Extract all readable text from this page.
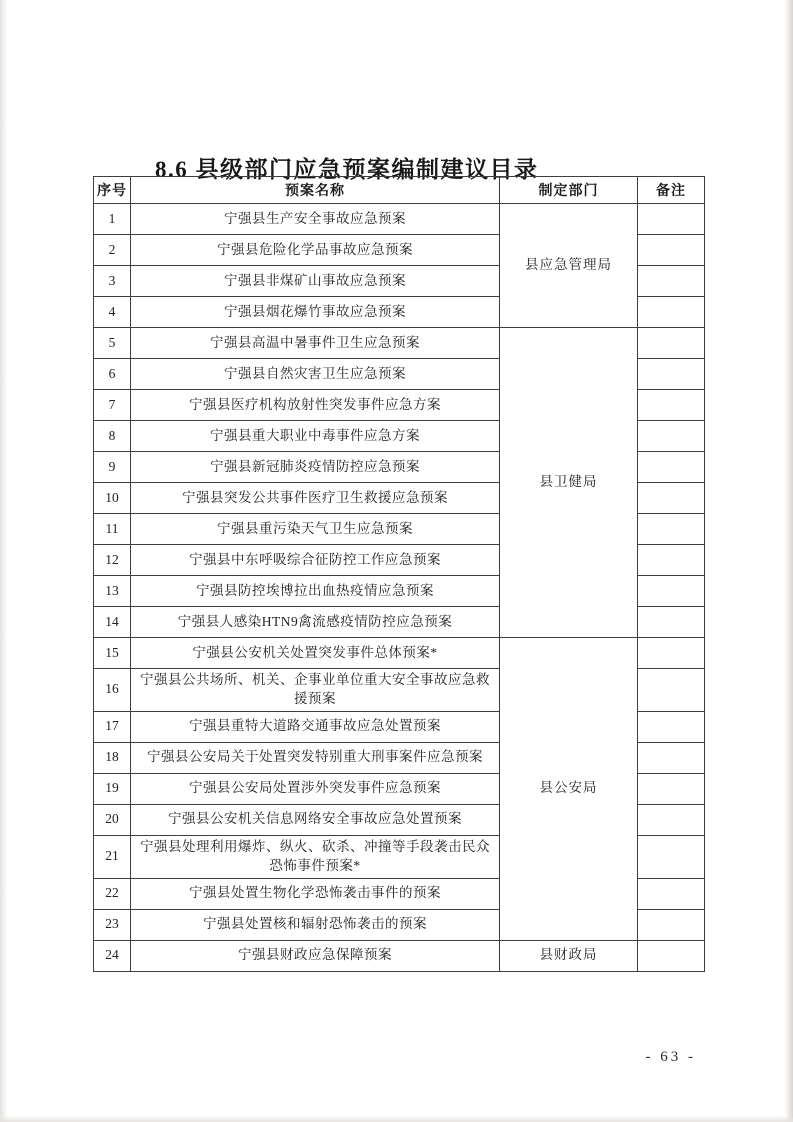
8.6 县级部门应急预案编制建议目录
序号	预案名称	制定部门	备注
1	宁强县生产安全事故应急预案	县应急管理局	
2	宁强县危险化学品事故应急预案		
3	宁强县非煤矿山事故应急预案		
4	宁强县烟花爆竹事故应急预案		
5	宁强县高温中暑事件卫生应急预案	县卫健局	
6	宁强县自然灾害卫生应急预案		
7	宁强县医疗机构放射性突发事件应急方案		
8	宁强县重大职业中毒事件应急方案		
9	宁强县新冠肺炎疫情防控应急预案		
10	宁强县突发公共事件医疗卫生救援应急预案		
11	宁强县重污染天气卫生应急预案		
12	宁强县中东呼吸综合征防控工作应急预案		
13	宁强县防控埃博拉出血热疫情应急预案		
14	宁强县人感染HTN9禽流感疫情防控应急预案		
15	宁强县公安机关处置突发事件总体预案*	县公安局	
16	宁强县公共场所、机关、企事业单位重大安全事故应急救援预案		
17	宁强县重特大道路交通事故应急处置预案		
18	宁强县公安局关于处置突发特别重大刑事案件应急预案		
19	宁强县公安局处置涉外突发事件应急预案		
20	宁强县公安机关信息网络安全事故应急处置预案		
21	宁强县处理利用爆炸、纵火、砍杀、冲撞等手段袭击民众恐怖事件预案*		
22	宁强县处置生物化学恐怖袭击事件的预案		
23	宁强县处置核和辐射恐怖袭击的预案		
24	宁强县财政应急保障预案	县财政局	
- 63 -
